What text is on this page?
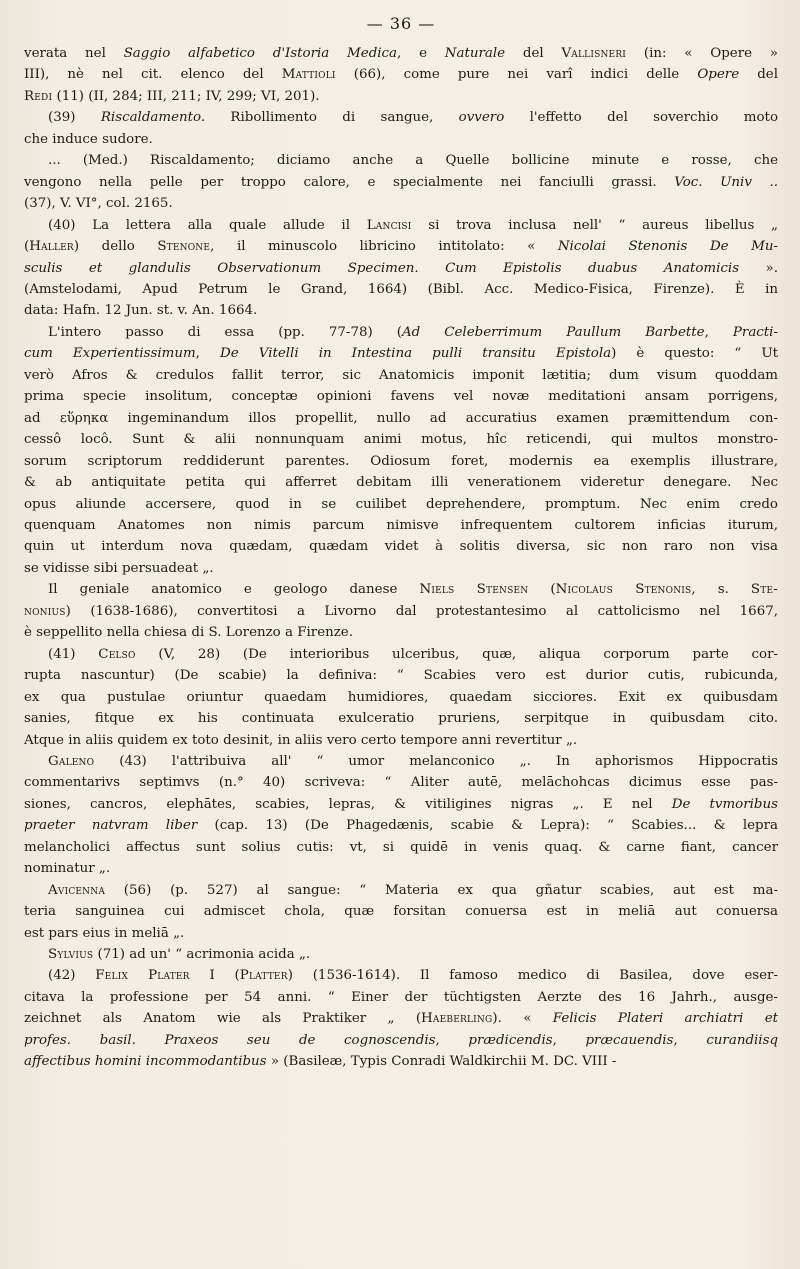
— 36 —

verata nel Saggio alfabetico d'Istoria Medica, e Naturale del Vallisneri (in: « Opere »

III), nè nel cit. elenco del Mattioli (66), come pure nei varî indici delle Opere del

Redi (11) (II, 284; III, 211; IV, 299; VI, 201).

(39) Riscaldamento. Ribollimento di sangue, ovvero l'effetto del soverchio moto

che induce sudore.

... (Med.) Riscaldamento; diciamo anche a Quelle bollicine minute e rosse, che

vengono nella pelle per troppo calore, e specialmente nei fanciulli grassi. Voc. Univ ..

(37), V. VI°, col. 2165.

(40) La lettera alla quale allude il Lancisi si trova inclusa nell' “ aureus libellus „

(Haller) dello Stenone, il minuscolo libricino intitolato: « Nicolai Stenonis De Mu-

sculis et glandulis Observationum Specimen. Cum Epistolis duabus Anatomicis ».

(Amstelodami, Apud Petrum le Grand, 1664) (Bibl. Acc. Medico-Fisica, Firenze). È in

data: Hafn. 12 Jun. st. v. An. 1664.

L'intero passo di essa (pp. 77-78) (Ad Celeberrimum Paullum Barbette, Practi-

cum Experientissimum, De Vitelli in Intestina pulli transitu Epistola) è questo: “ Ut

verò Afros & credulos fallit terror, sic Anatomicis imponit lætitia; dum visum quoddam

prima specie insolitum, conceptæ opinioni favens vel novæ meditationi ansam porrigens,

ad εὕρηκα ingeminandum illos propellit, nullo ad accuratius examen præmittendum con-

cessô locô. Sunt & alii nonnunquam animi motus, hîc reticendi, qui multos monstro-

sorum scriptorum reddiderunt parentes. Odiosum foret, modernis ea exemplis illustrare,

& ab antiquitate petita qui afferret debitam illi venerationem videretur denegare. Nec

opus aliunde accersere, quod in se cuilibet deprehendere, promptum. Nec enim credo

quenquam Anatomes non nimis parcum nimisve infrequentem cultorem inficias iturum,

quin ut interdum nova quædam, quædam videt à solitis diversa, sic non raro non visa

se vidisse sibi persuadeat „.

Il geniale anatomico e geologo danese Niels Stensen (Nicolaus Stenonis, s. Ste-

nonius) (1638-1686), convertitosi a Livorno dal protestantesimo al cattolicismo nel 1667,

è seppellito nella chiesa di S. Lorenzo a Firenze.

(41) Celso (V, 28) (De interioribus ulceribus, quæ, aliqua corporum parte cor-

rupta nascuntur) (De scabie) la definiva: “ Scabies vero est durior cutis, rubicunda,

ex qua pustulae oriuntur quaedam humidiores, quaedam sicciores. Exit ex quibusdam

sanies, fitque ex his continuata exulceratio pruriens, serpitque in quibusdam cito.

Atque in aliis quidem ex toto desinit, in aliis vero certo tempore anni revertitur „.

Galeno (43) l'attribuiva all' “ umor melanconico „. In aphorismos Hippocratis

commentarivs septimvs (n.° 40) scriveva: “ Aliter autē, melāchohcas dicimus esse pas-

siones, cancros, elephātes, scabies, lepras, & vitiligines nigras „. E nel De tvmoribus

praeter natvram liber (cap. 13) (De Phagedænis, scabie & Lepra): “ Scabies... & lepra

melancholici affectus sunt solius cutis: vt, si quidē in venis quaq. & carne fiant, cancer

nominatur „.

Avicenna (56) (p. 527) al sangue: “ Materia ex qua gñatur scabies, aut est ma-

teria sanguinea cui admiscet chola, quæ forsitan conuersa est in meliā aut conuersa

est pars eius in meliā „.

Sylvius (71) ad un' “ acrimonia acida „.

(42) Felix Plater I (Platter) (1536-1614). Il famoso medico di Basilea, dove eser-

citava la professione per 54 anni. “ Einer der tüchtigsten Aerzte des 16 Jahrh., ausge-

zeichnet als Anatom wie als Praktiker „ (Haeberling). « Felicis Plateri archiatri et

profes. basil. Praxeos seu de cognoscendis, prædicendis, præcauendis, curandiisq

affectibus homini incommodantibus » (Basileæ, Typis Conradi Waldkirchii M. DC. VIII -
